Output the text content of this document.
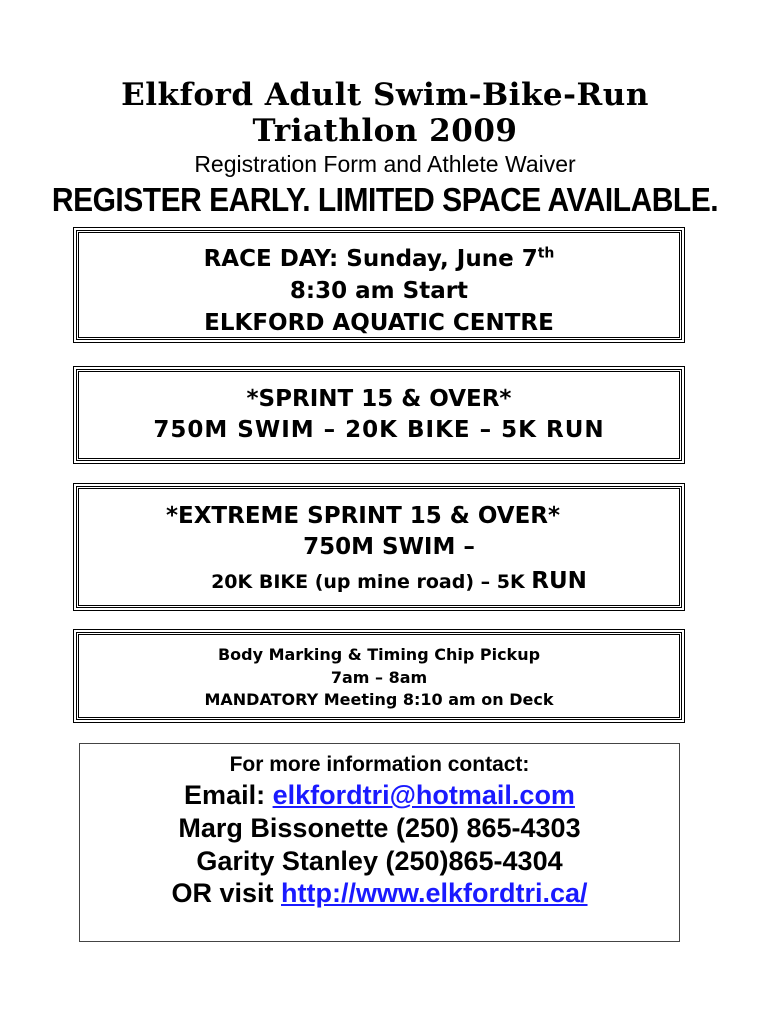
Elkford Adult Swim-Bike-Run
Triathlon 2009
Registration Form and Athlete Waiver
REGISTER EARLY. LIMITED SPACE AVAILABLE.
RACE DAY: Sunday, June 7th
8:30 am Start
ELKFORD AQUATIC CENTRE
*SPRINT 15 & OVER*
750M SWIM – 20K BIKE – 5K RUN
*EXTREME SPRINT 15 & OVER*
750M SWIM –
20K BIKE (up mine road) – 5K RUN
Body Marking & Timing Chip Pickup
7am – 8am
MANDATORY Meeting 8:10 am on Deck
For more information contact:
Email: elkfordtri@hotmail.com
Marg Bissonette (250) 865-4303
Garity Stanley (250)865-4304
OR visit http://www.elkfordtri.ca/
